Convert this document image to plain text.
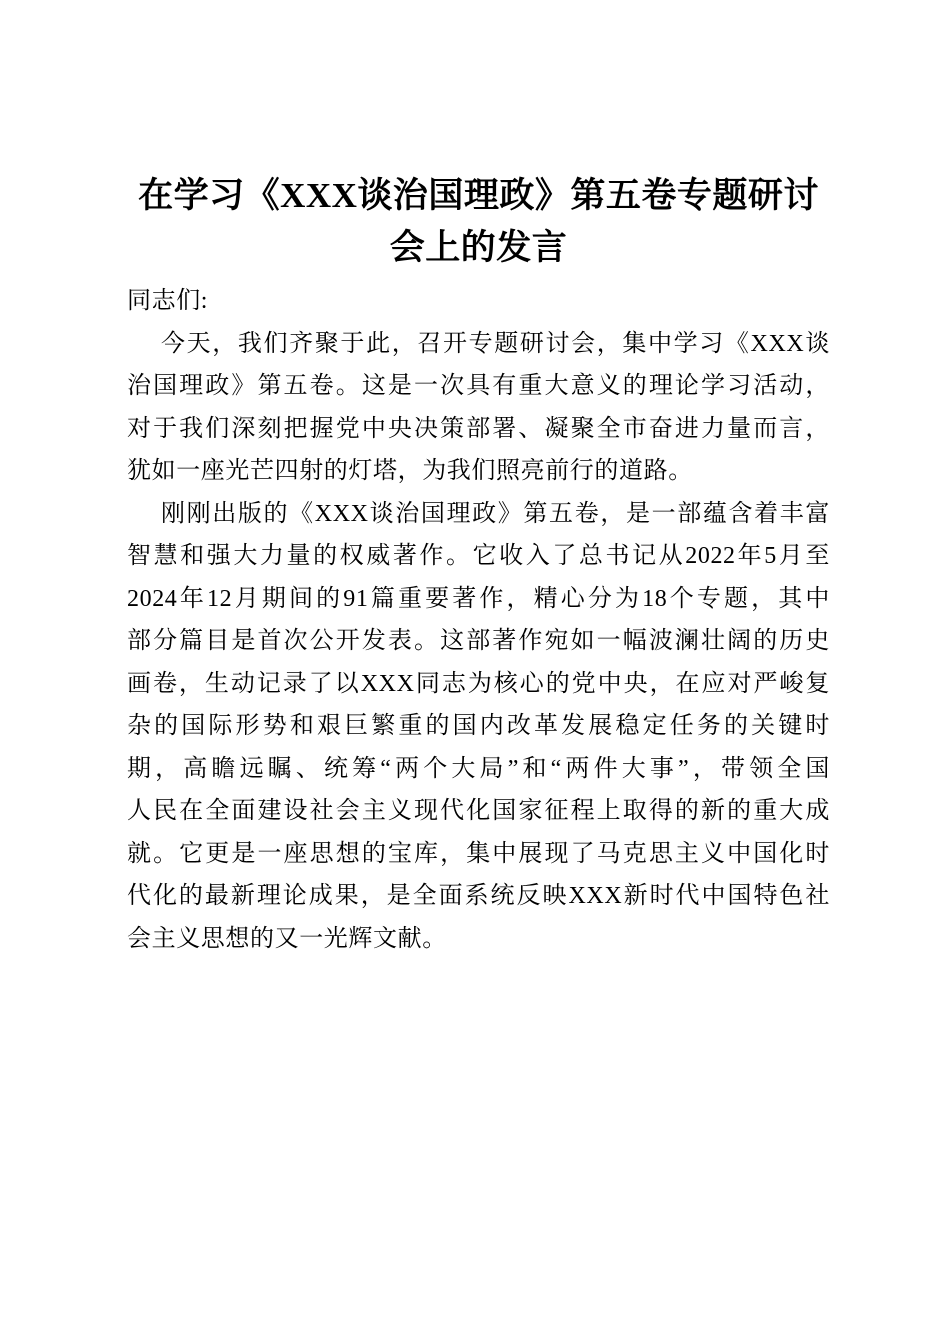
在学习《XXX谈治国理政》第五卷专题研讨
会上的发言

同志们:

今天，我们齐聚于此，召开专题研讨会，集中学习《XXX谈

治国理政》第五卷。这是一次具有重大意义的理论学习活动，

对于我们深刻把握党中央决策部署、凝聚全市奋进力量而言，

犹如一座光芒四射的灯塔，为我们照亮前行的道路。

刚刚出版的《XXX谈治国理政》第五卷，是一部蕴含着丰富

智慧和强大力量的权威著作。它收入了总书记从2022年5月至

2024年12月期间的91篇重要著作，精心分为18个专题，其中

部分篇目是首次公开发表。这部著作宛如一幅波澜壮阔的历史

画卷，生动记录了以XXX同志为核心的党中央，在应对严峻复

杂的国际形势和艰巨繁重的国内改革发展稳定任务的关键时

期，高瞻远瞩、统筹“两个大局”和“两件大事”，带领全国

人民在全面建设社会主义现代化国家征程上取得的新的重大成

就。它更是一座思想的宝库，集中展现了马克思主义中国化时

代化的最新理论成果，是全面系统反映XXX新时代中国特色社

会主义思想的又一光辉文献。
